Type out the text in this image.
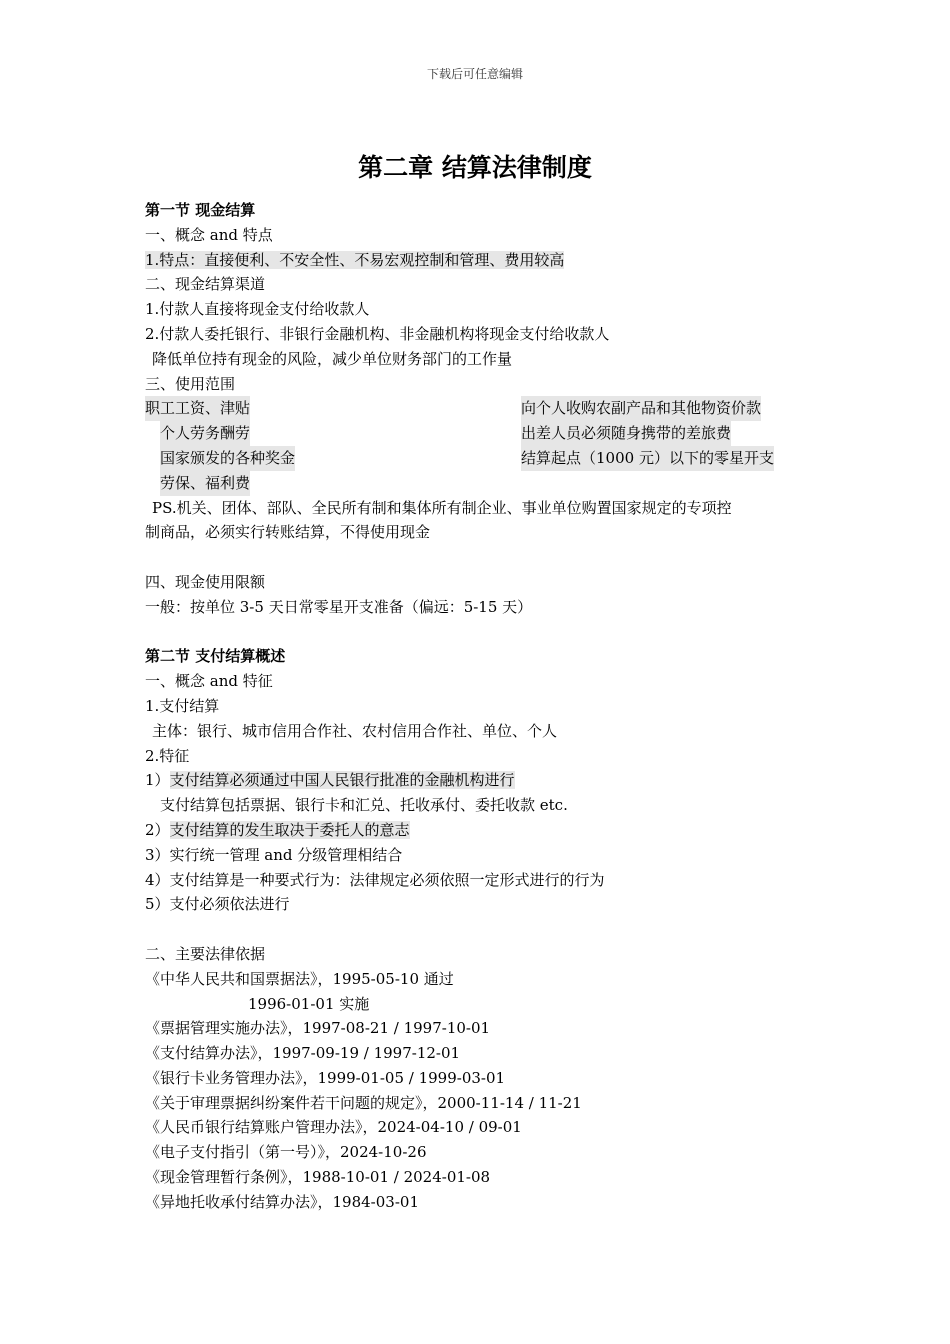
下载后可任意编辑
第二章 结算法律制度
第一节 现金结算
一、概念 and 特点
1.特点：直接便利、不安全性、不易宏观控制和管理、费用较高
二、现金结算渠道
1.付款人直接将现金支付给收款人
2.付款人委托银行、非银行金融机构、非金融机构将现金支付给收款人
降低单位持有现金的风险，减少单位财务部门的工作量
三、使用范围
职工工资、津贴	向个人收购农副产品和其他物资价款
个人劳务酬劳	出差人员必须随身携带的差旅费
国家颁发的各种奖金	结算起点（1000 元）以下的零星开支
劳保、福利费
PS.机关、团体、部队、全民所有制和集体所有制企业、事业单位购置国家规定的专项控
制商品，必须实行转账结算，不得使用现金
四、现金使用限额
一般：按单位 3-5 天日常零星开支准备（偏远：5-15 天）
第二节 支付结算概述
一、概念 and 特征
1.支付结算
主体：银行、城市信用合作社、农村信用合作社、单位、个人
2.特征
1）支付结算必须通过中国人民银行批准的金融机构进行
支付结算包括票据、银行卡和汇兑、托收承付、委托收款 etc.
2）支付结算的发生取决于委托人的意志
3）实行统一管理 and 分级管理相结合
4）支付结算是一种要式行为：法律规定必须依照一定形式进行的行为
5）支付必须依法进行
二、主要法律依据
《中华人民共和国票据法》，1995-05-10 通过
1996-01-01 实施
《票据管理实施办法》，1997-08-21 / 1997-10-01
《支付结算办法》，1997-09-19 / 1997-12-01
《银行卡业务管理办法》，1999-01-05 / 1999-03-01
《关于审理票据纠纷案件若干问题的规定》，2000-11-14 / 11-21
《人民币银行结算账户管理办法》，2024-04-10 / 09-01
《电子支付指引（第一号）》，2024-10-26
《现金管理暂行条例》，1988-10-01 / 2024-01-08
《异地托收承付结算办法》，1984-03-01
